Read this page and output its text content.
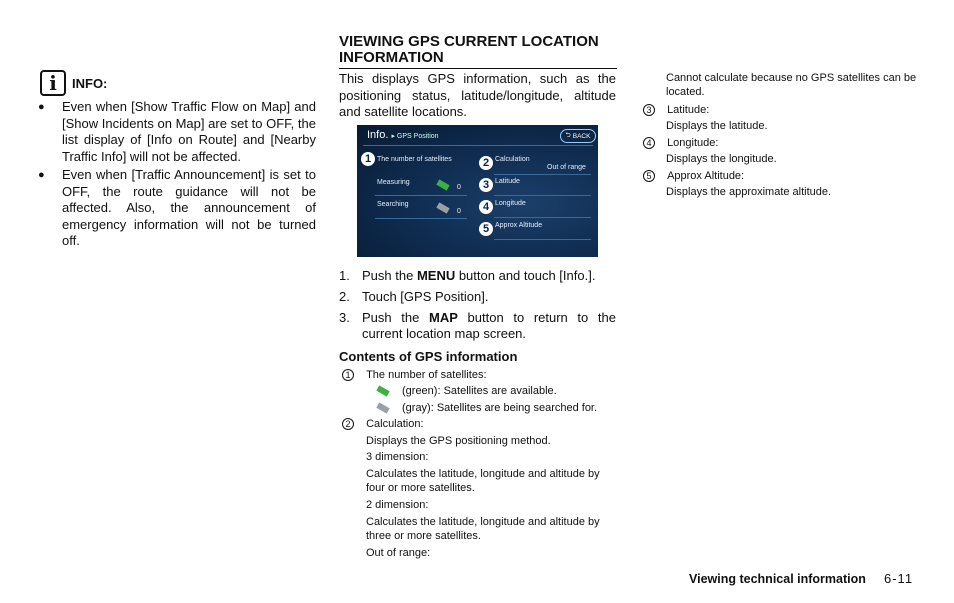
i	INFO:
●	Even when [Show Traffic Flow on Map] and [Show Incidents on Map] are set to OFF, the list display of [Info on Route] and [Nearby Traffic Info] will not be affected.
●	Even when [Traffic Announcement] is set to OFF, the route guidance will not be affected. Also, the announcement of emergency information will not be turned off.
VIEWING GPS CURRENT LOCATION INFORMATION
This displays GPS information, such as the positioning status, latitude/longitude, altitude and satellite locations.
Info. ▸ GPS Position	⮌ BACK
1 The number of satellites
Measuring
0
Searching
0
2 Calculation
Out of range
3 Latitude
4 Longitude
5 Approx Altitude
1. Push the MENU button and touch [Info.].
2. Touch [GPS Position].
3. Push the MAP button to return to the current location map screen.
Contents of GPS information
1 The number of satellites:
(green): Satellites are available.
(gray): Satellites are being searched for.
2 Calculation:
Displays the GPS positioning method.
3 dimension:
Calculates the latitude, longitude and altitude by four or more satellites.
2 dimension:
Calculates the latitude, longitude and altitude by three or more satellites.
Out of range:
Cannot calculate because no GPS satellites can be located.
3 Latitude:
Displays the latitude.
4 Longitude:
Displays the longitude.
5 Approx Altitude:
Displays the approximate altitude.
Viewing technical information 6-11
